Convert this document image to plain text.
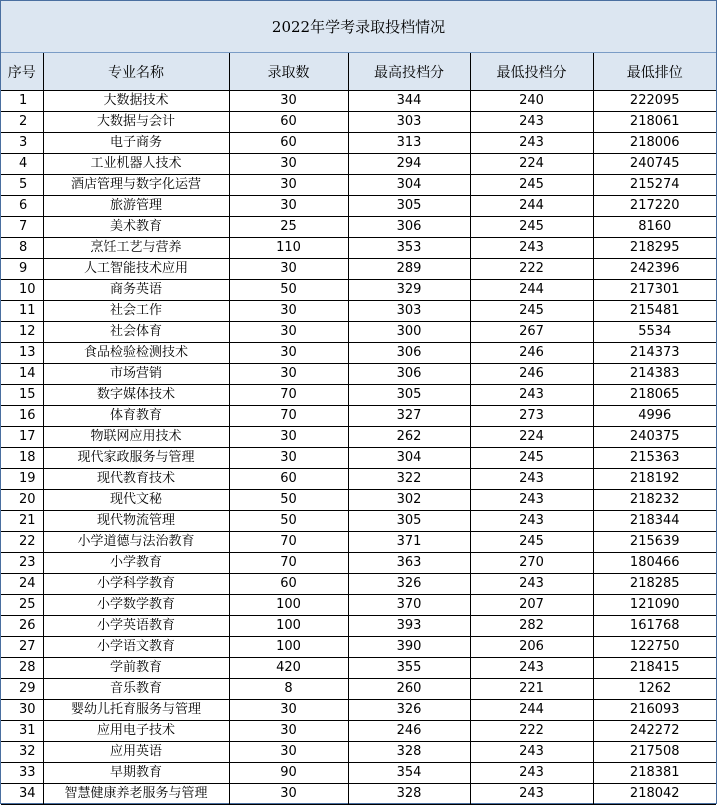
2022年学考录取投档情况
序号	专业名称	录取数	最高投档分	最低投档分	最低排位
1	大数据技术	30	344	240	222095
2	大数据与会计	60	303	243	218061
3	电子商务	60	313	243	218006
4	工业机器人技术	30	294	224	240745
5	酒店管理与数字化运营	30	304	245	215274
6	旅游管理	30	305	244	217220
7	美术教育	25	306	245	8160
8	烹饪工艺与营养	110	353	243	218295
9	人工智能技术应用	30	289	222	242396
10	商务英语	50	329	244	217301
11	社会工作	30	303	245	215481
12	社会体育	30	300	267	5534
13	食品检验检测技术	30	306	246	214373
14	市场营销	30	306	246	214383
15	数字媒体技术	70	305	243	218065
16	体育教育	70	327	273	4996
17	物联网应用技术	30	262	224	240375
18	现代家政服务与管理	30	304	245	215363
19	现代教育技术	60	322	243	218192
20	现代文秘	50	302	243	218232
21	现代物流管理	50	305	243	218344
22	小学道德与法治教育	70	371	245	215639
23	小学教育	70	363	270	180466
24	小学科学教育	60	326	243	218285
25	小学数学教育	100	370	207	121090
26	小学英语教育	100	393	282	161768
27	小学语文教育	100	390	206	122750
28	学前教育	420	355	243	218415
29	音乐教育	8	260	221	1262
30	婴幼儿托育服务与管理	30	326	244	216093
31	应用电子技术	30	246	222	242272
32	应用英语	30	328	243	217508
33	早期教育	90	354	243	218381
34	智慧健康养老服务与管理	30	328	243	218042
